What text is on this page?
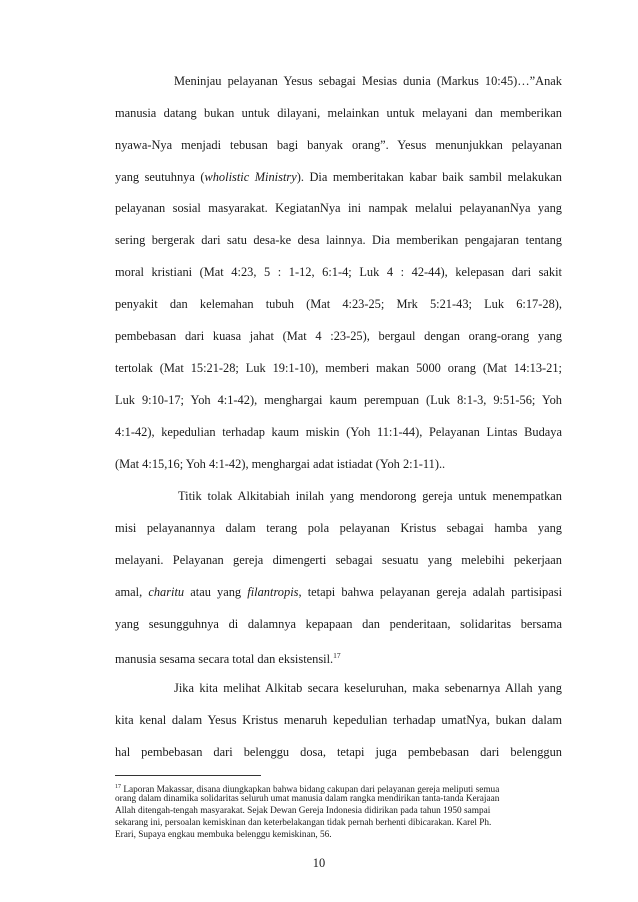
Meninjau pelayanan Yesus sebagai Mesias dunia (Markus 10:45)…”Anak
manusia datang bukan untuk dilayani, melainkan untuk melayani dan memberikan
nyawa-Nya menjadi tebusan bagi banyak orang”. Yesus menunjukkan pelayanan
yang seutuhnya (wholistic Ministry). Dia memberitakan kabar baik sambil melakukan
pelayanan sosial masyarakat. KegiatanNya ini nampak melalui pelayananNya yang
sering bergerak dari satu desa-ke desa lainnya. Dia memberikan pengajaran tentang
moral kristiani (Mat 4:23, 5 : 1-12, 6:1-4; Luk 4 : 42-44), kelepasan dari sakit
penyakit dan kelemahan tubuh (Mat 4:23-25; Mrk 5:21-43; Luk 6:17-28),
pembebasan dari kuasa jahat (Mat 4 :23-25), bergaul dengan orang-orang yang
tertolak (Mat 15:21-28; Luk 19:1-10), memberi makan 5000 orang (Mat 14:13-21;
Luk 9:10-17; Yoh 4:1-42), menghargai kaum perempuan (Luk 8:1-3, 9:51-56; Yoh
4:1-42), kepedulian terhadap kaum miskin (Yoh 11:1-44), Pelayanan Lintas Budaya
(Mat 4:15,16; Yoh 4:1-42), menghargai adat istiadat (Yoh 2:1-11)..
Titik tolak Alkitabiah inilah yang mendorong gereja untuk menempatkan
misi pelayanannya dalam terang pola pelayanan Kristus sebagai hamba yang
melayani. Pelayanan gereja dimengerti sebagai sesuatu yang melebihi pekerjaan
amal, charitu atau yang filantropis, tetapi bahwa pelayanan gereja adalah partisipasi
yang sesungguhnya di dalamnya kepapaan dan penderitaan, solidaritas bersama
manusia sesama secara total dan eksistensil.$^{17}$
Jika kita melihat Alkitab secara keseluruhan, maka sebenarnya Allah yang
kita kenal dalam Yesus Kristus menaruh kepedulian terhadap umatNya, bukan dalam
hal pembebasan dari belenggu dosa, tetapi juga pembebasan dari belenggun
$^{17}$ Laporan Makassar, disana diungkapkan bahwa bidang cakupan dari pelayanan gereja meliputi semua
orang dalam dinamika solidaritas seluruh umat manusia dalam rangka mendirikan tanta-tanda Kerajaan
Allah ditengah-tengah masyarakat. Sejak Dewan Gereja Indonesia didirikan pada tahun 1950 sampai
sekarang ini, persoalan kemiskinan dan keterbelakangan tidak pernah berhenti dibicarakan. Karel Ph.
Erari, Supaya engkau membuka belenggu kemiskinan, 56.
10
